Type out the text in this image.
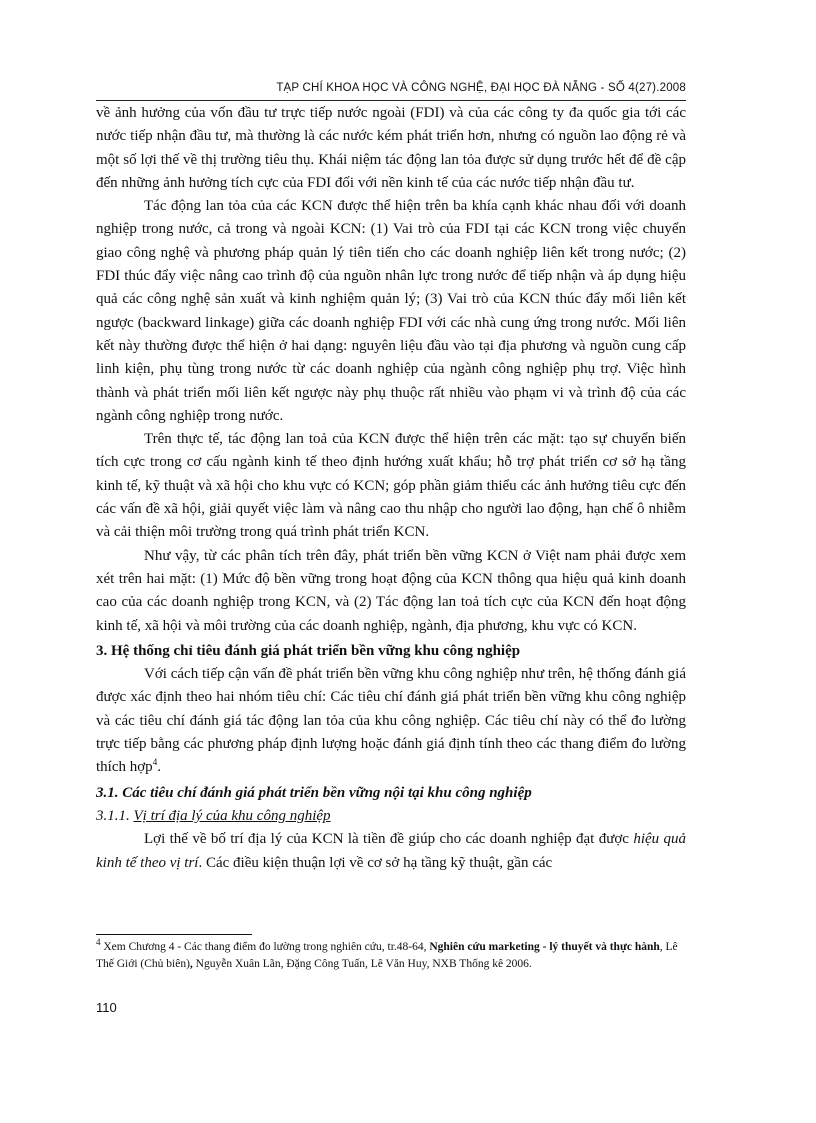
TẠP CHÍ KHOA HỌC VÀ CÔNG NGHỆ, ĐẠI HỌC ĐÀ NẴNG - SỐ 4(27).2008

về ảnh hưởng của vốn đầu tư trực tiếp nước ngoài (FDI) và của các công ty đa quốc gia tới các nước tiếp nhận đầu tư, mà thường là các nước kém phát triển hơn, nhưng có nguồn lao động rẻ và một số lợi thế về thị trường tiêu thụ. Khái niệm tác động lan tỏa được sử dụng trước hết để đề cập đến những ảnh hưởng tích cực của FDI đối với nền kinh tế của các nước tiếp nhận đầu tư.

Tác động lan tỏa của các KCN được thể hiện trên ba khía cạnh khác nhau đối với doanh nghiệp trong nước, cả trong và ngoài KCN: (1) Vai trò của FDI tại các KCN trong việc chuyển giao công nghệ và phương pháp quản lý tiên tiến cho các doanh nghiệp liên kết trong nước; (2) FDI thúc đẩy việc nâng cao trình độ của nguồn nhân lực trong nước để tiếp nhận và áp dụng hiệu quả các công nghệ sản xuất và kinh nghiệm quản lý; (3) Vai trò của KCN thúc đẩy mối liên kết ngược (backward linkage) giữa các doanh nghiệp FDI với các nhà cung ứng trong nước. Mối liên kết này thường được thể hiện ở hai dạng: nguyên liệu đầu vào tại địa phương và nguồn cung cấp linh kiện, phụ tùng trong nước từ các doanh nghiệp của ngành công nghiệp phụ trợ. Việc hình thành và phát triển mối liên kết ngược này phụ thuộc rất nhiều vào phạm vi và trình độ của các ngành công nghiệp trong nước.

Trên thực tế, tác động lan toả của KCN được thể hiện trên các mặt: tạo sự chuyển biến tích cực trong cơ cấu ngành kinh tế theo định hướng xuất khẩu; hỗ trợ phát triển cơ sở hạ tầng kinh tế, kỹ thuật và xã hội cho khu vực có KCN; góp phần giảm thiểu các ảnh hưởng tiêu cực đến các vấn đề xã hội, giải quyết việc làm và nâng cao thu nhập cho người lao động, hạn chế ô nhiễm và cải thiện môi trường trong quá trình phát triển KCN.

Như vậy, từ các phân tích trên đây, phát triển bền vững KCN ở Việt nam phải được xem xét trên hai mặt: (1) Mức độ bền vững trong hoạt động của KCN thông qua hiệu quả kinh doanh cao của các doanh nghiệp trong KCN, và (2) Tác động lan toả tích cực của KCN đến hoạt động kinh tế, xã hội và môi trường của các doanh nghiệp, ngành, địa phương, khu vực có KCN.

3. Hệ thống chỉ tiêu đánh giá phát triển bền vững khu công nghiệp

Với cách tiếp cận vấn đề phát triển bền vững khu công nghiệp như trên, hệ thống đánh giá được xác định theo hai nhóm tiêu chí: Các tiêu chí đánh giá phát triển bền vững khu công nghiệp và các tiêu chí đánh giá tác động lan tỏa của khu công nghiệp. Các tiêu chí này có thể đo lường trực tiếp bằng các phương pháp định lượng hoặc đánh giá định tính theo các thang điểm đo lường thích hợp$^4$.

3.1. Các tiêu chí đánh giá phát triển bền vững nội tại khu công nghiệp
3.1.1. Vị trí địa lý của khu công nghiệp

Lợi thế về bố trí địa lý của KCN là tiền đề giúp cho các doanh nghiệp đạt được hiệu quả kinh tế theo vị trí. Các điều kiện thuận lợi về cơ sở hạ tầng kỹ thuật, gần các

$^4$ Xem Chương 4 - Các thang điểm đo lường trong nghiên cứu, tr.48-64, Nghiên cứu marketing - lý thuyết và thực hành, Lê Thế Giới (Chủ biên), Nguyễn Xuân Lãn, Đặng Công Tuấn, Lê Văn Huy, NXB Thống kê 2006.
110
